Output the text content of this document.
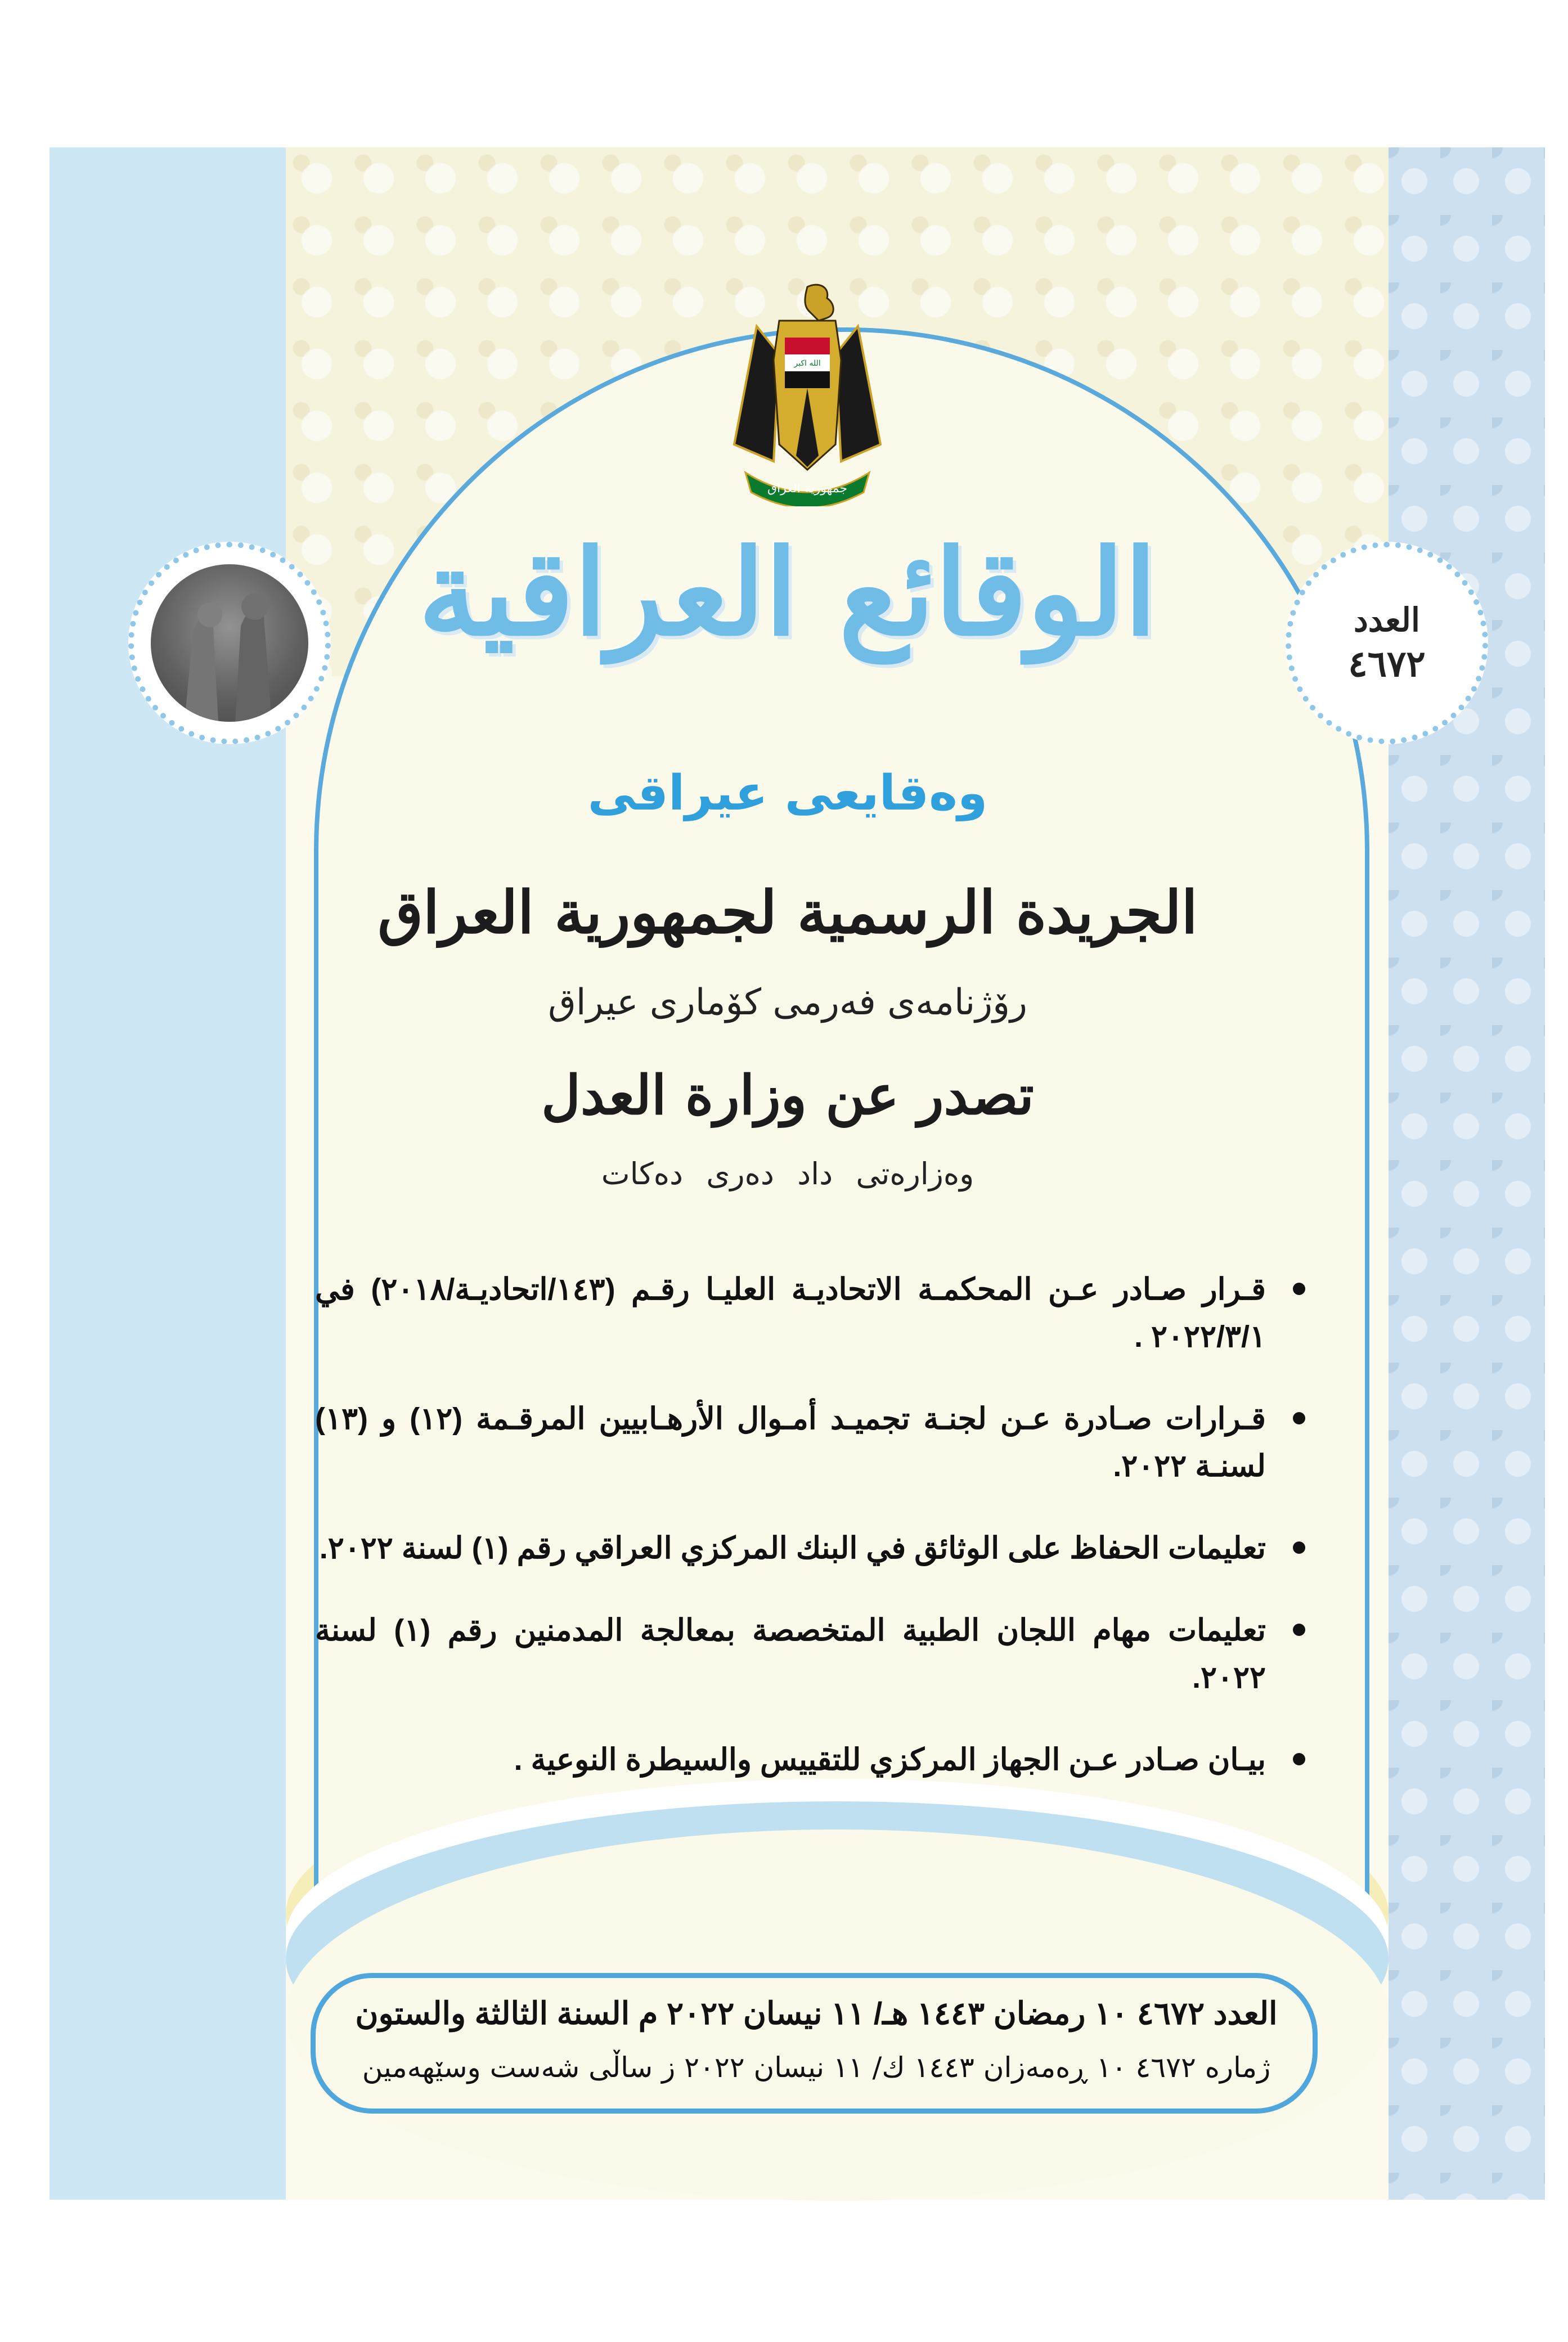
الله اكبر
جمهورية العراق
العدد
٤٦٧٢
الوقائع العراقية
وەقایعی عیراقی
الجريدة الرسمية لجمهورية العراق
رۆژنامەی فەرمی کۆماری عیراق
تصدر عن وزارة العدل
وەزارەتی داد دەری دەکات
قـرار صـادر عـن المحكمـة الاتحاديـة العليـا رقـم (١٤٣/اتحاديـة/٢٠١٨) في ٢٠٢٢/٣/١ .
قـرارات صـادرة عـن لجنـة تجميـد أمـوال الأرهـابيين المرقـمة (١٢) و (١٣) لسنـة ٢٠٢٢.
تعليمات الحفاظ على الوثائق في البنك المركزي العراقي رقم (١) لسنة ٢٠٢٢.
تعليمات مهام اللجان الطبية المتخصصة بمعالجة المدمنين رقم (١) لسنة ٢٠٢٢.
بيـان صـادر عـن الجهاز المركزي للتقييس والسيطرة النوعية .
العدد ٤٦٧٢ ١٠ رمضان ١٤٤٣ هـ/ ١١ نيسان ٢٠٢٢ م السنة الثالثة والستون
ژمارە ٤٦٧٢ ١٠ ڕەمەزان ١٤٤٣ ك/ ١١ نيسان ٢٠٢٢ ز ساڵی شەست وسێهەمین
